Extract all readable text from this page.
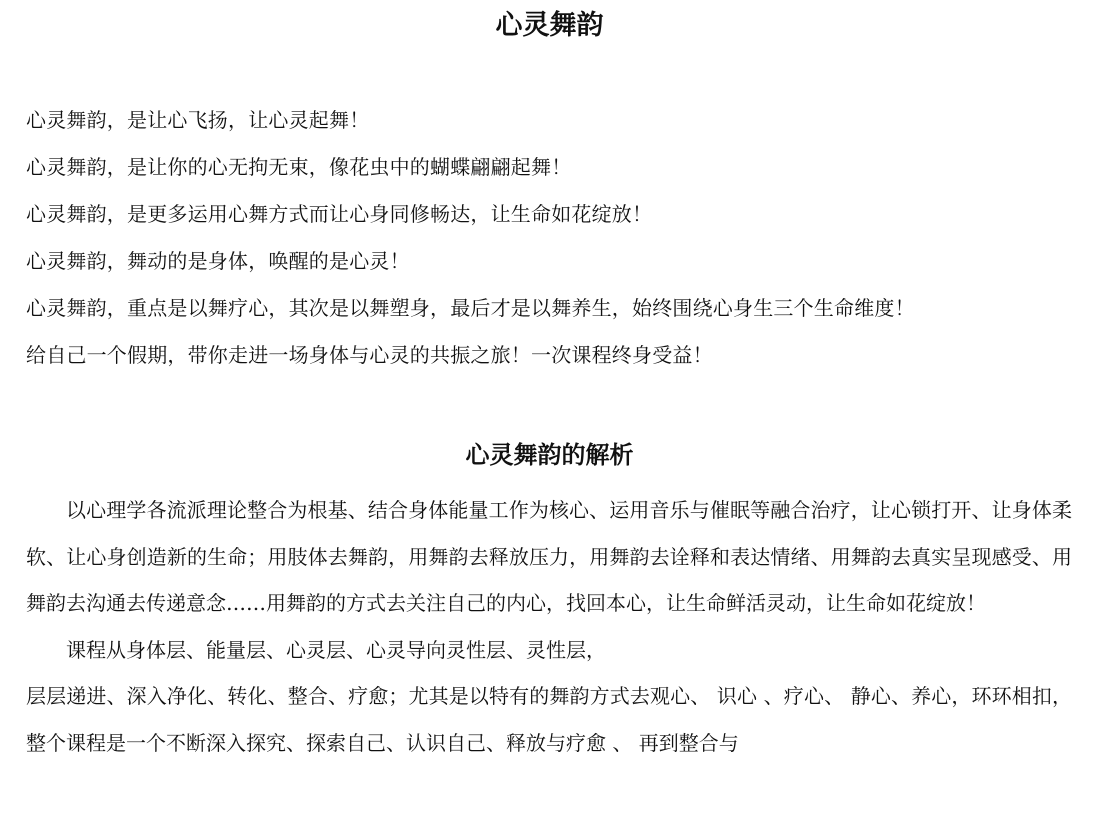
心灵舞韵
心灵舞韵，是让心飞扬，让心灵起舞！
心灵舞韵，是让你的心无拘无束，像花虫中的蝴蝶翩翩起舞！
心灵舞韵，是更多运用心舞方式而让心身同修畅达，让生命如花绽放！
心灵舞韵，舞动的是身体，唤醒的是心灵！
心灵舞韵，重点是以舞疗心，其次是以舞塑身，最后才是以舞养生，始终围绕心身生三个生命维度！
给自己一个假期，带你走进一场身体与心灵的共振之旅！一次课程终身受益！
心灵舞韵的解析

以心理学各流派理论整合为根基、结合身体能量工作为核心、运用音乐与催眠等融合治疗，让心锁打开、让身体柔软、让心身创造新的生命；用肢体去舞韵，用舞韵去释放压力，用舞韵去诠释和表达情绪、用舞韵去真实呈现感受、用舞韵去沟通去传递意念……用舞韵的方式去关注自己的内心，找回本心，让生命鲜活灵动，让生命如花绽放！

课程从身体层、能量层、心灵层、心灵导向灵性层、灵性层，

层层递进、深入净化、转化、整合、疗愈；尤其是以特有的舞韵方式去观心、 识心 、疗心、 静心、养心，环环相扣，整个课程是一个不断深入探究、探索自己、认识自己、释放与疗愈 、 再到整合与
